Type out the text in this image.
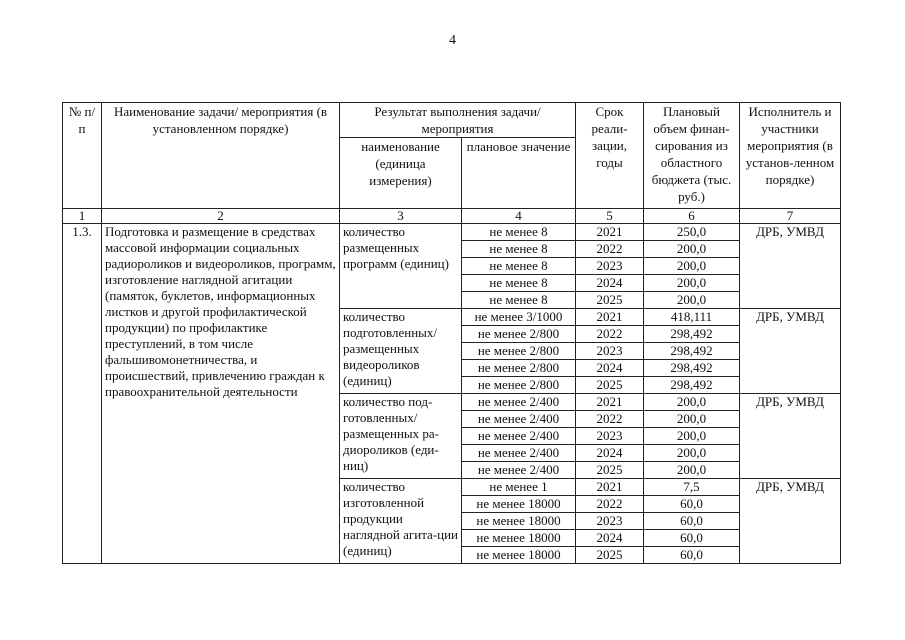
4
№ п/п	Наименование задачи/ мероприятия (в установленном порядке)	Результат выполнения задачи/ мероприятия		Срок реали-зации, годы	Плановый объем финан-сирования из областного бюджета (тыс. руб.)	Исполнитель и участники мероприятия (в установ-ленном порядке)
		наименование (единица измерения)	плановое значение			
1	2	3	4	5	6	7
1.3.	Подготовка и размещение в средствах массовой информации социальных радиороликов и видеороликов, программ, изготовление наглядной агитации (памяток, буклетов, информационных листков и другой профилактической продукции) по профилактике преступлений, в том числе фальшивомонетничества, и происшествий, привлечению граждан к правоохранительной деятельности	количество размещенных программ (единиц)	не менее 8	2021	250,0	ДРБ, УМВД
			не менее 8	2022	200,0	
			не менее 8	2023	200,0	
			не менее 8	2024	200,0	
			не менее 8	2025	200,0	
		количество подготовленных/ размещенных видеороликов (единиц)	не менее 3/1000	2021	418,111	ДРБ, УМВД
			не менее 2/800	2022	298,492	
			не менее 2/800	2023	298,492	
			не менее 2/800	2024	298,492	
			не менее 2/800	2025	298,492	
		количество под-готовленных/ размещенных ра-диороликов (еди-ниц)	не менее 2/400	2021	200,0	ДРБ, УМВД
			не менее 2/400	2022	200,0	
			не менее 2/400	2023	200,0	
			не менее 2/400	2024	200,0	
			не менее 2/400	2025	200,0	
		количество изготовленной продукции наглядной агита-ции (единиц)	не менее 1	2021	7,5	ДРБ, УМВД
			не менее 18000	2022	60,0	
			не менее 18000	2023	60,0	
			не менее 18000	2024	60,0	
			не менее 18000	2025	60,0	
